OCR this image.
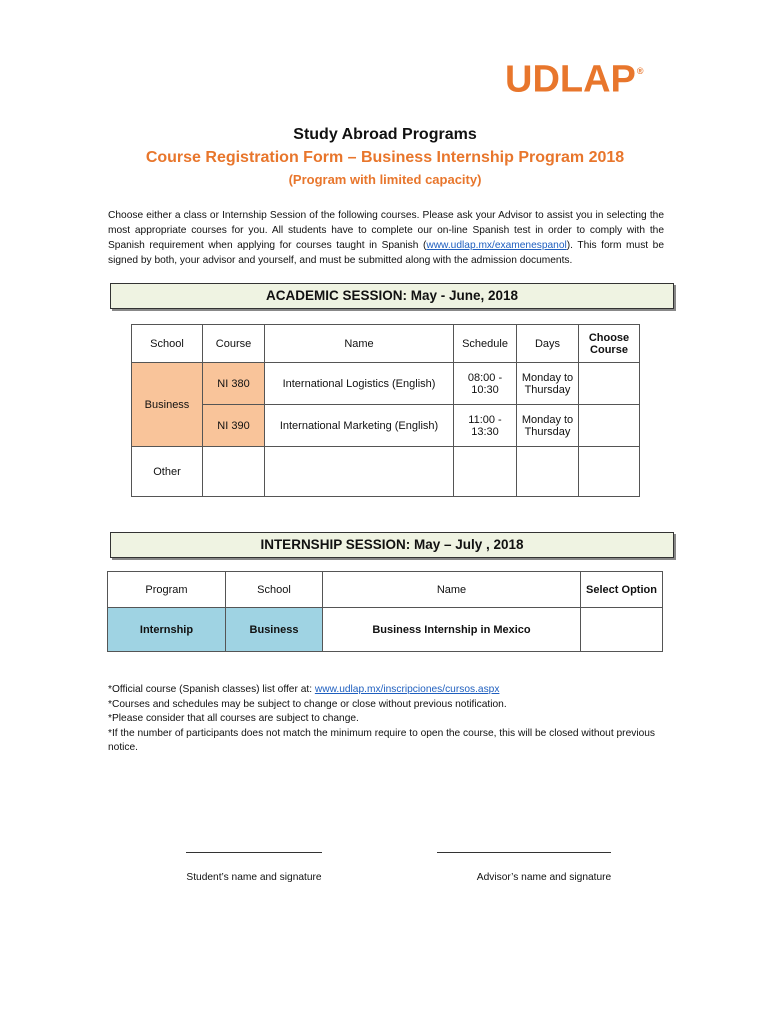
UDLAP®
Study Abroad Programs
Course Registration Form – Business Internship Program 2018
(Program with limited capacity)
Choose either a class or Internship Session of the following courses. Please ask your Advisor to assist you in selecting the most appropriate courses for you. All students have to complete our on-line Spanish test in order to comply with the Spanish requirement when applying for courses taught in Spanish (www.udlap.mx/examenespanol). This form must be signed by both, your advisor and yourself, and must be submitted along with the admission documents.
ACADEMIC SESSION: May - June, 2018
School	Course	Name	Schedule	Days	Choose Course
Business	NI 380	International Logistics (English)	08:00 - 10:30	Monday to Thursday	
	NI 390	International Marketing (English)	11:00 - 13:30	Monday to Thursday	
Other					
INTERNSHIP SESSION: May – July , 2018
Program	School	Name	Select Option
Internship	Business	Business Internship in Mexico	
*Official course (Spanish classes) list offer at: www.udlap.mx/inscripciones/cursos.aspx
*Courses and schedules may be subject to change or close without previous notification.
*Please consider that all courses are subject to change.
*If the number of participants does not match the minimum require to open the course, this will be closed without previous notice.
Student’s name and signature	Advisor’s name and signature
